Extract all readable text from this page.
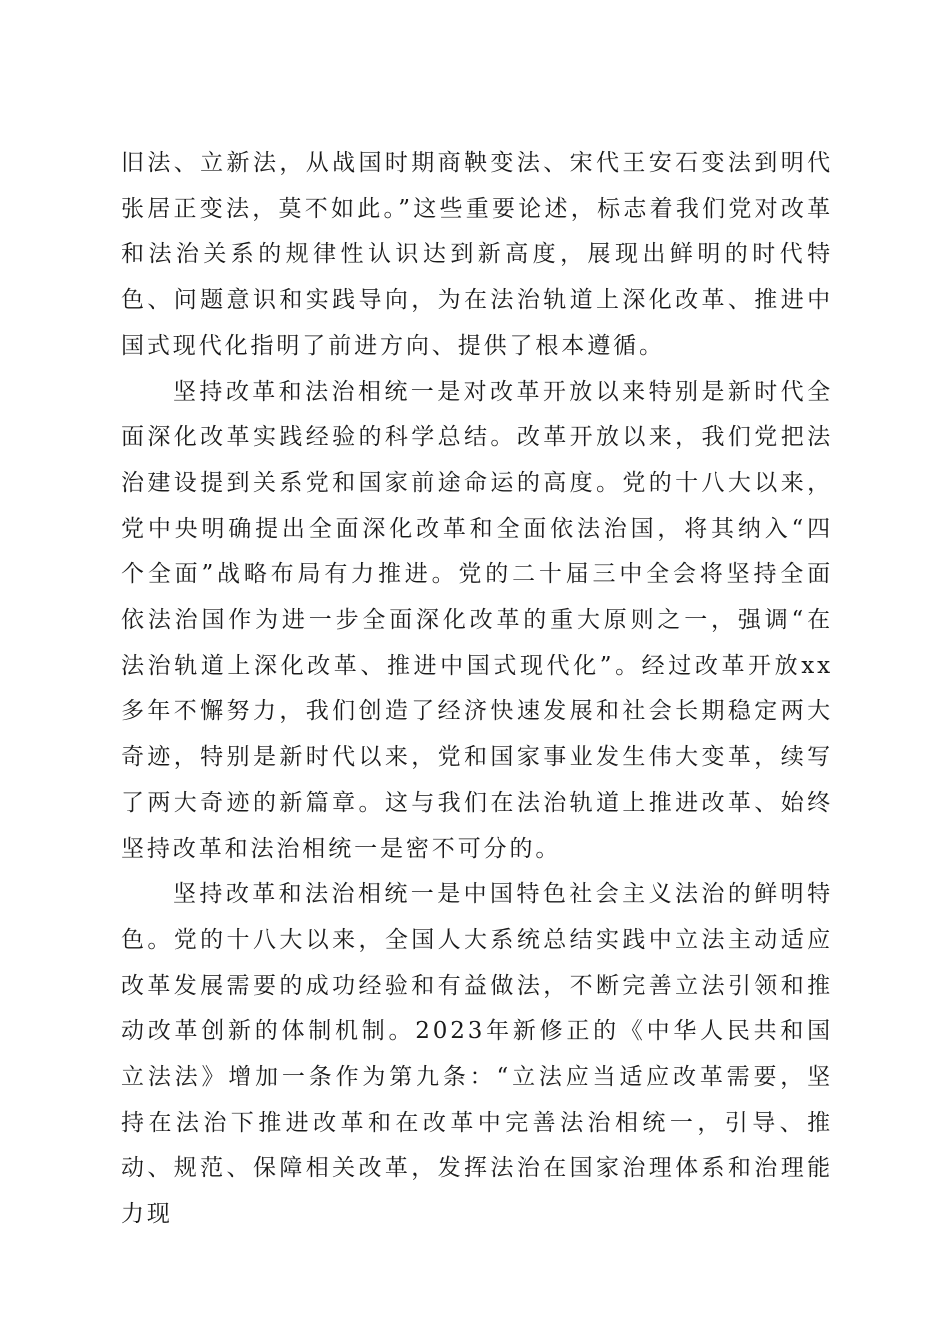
旧法、立新法，从战国时期商鞅变法、宋代王安石变法到明代张居正变法，莫不如此。”这些重要论述，标志着我们党对改革和法治关系的规律性认识达到新高度，展现出鲜明的时代特色、问题意识和实践导向，为在法治轨道上深化改革、推进中国式现代化指明了前进方向、提供了根本遵循。

坚持改革和法治相统一是对改革开放以来特别是新时代全面深化改革实践经验的科学总结。改革开放以来，我们党把法治建设提到关系党和国家前途命运的高度。党的十八大以来，党中央明确提出全面深化改革和全面依法治国，将其纳入“四个全面”战略布局有力推进。党的二十届三中全会将坚持全面依法治国作为进一步全面深化改革的重大原则之一，强调“在法治轨道上深化改革、推进中国式现代化”。经过改革开放xx多年不懈努力，我们创造了经济快速发展和社会长期稳定两大奇迹，特别是新时代以来，党和国家事业发生伟大变革，续写了两大奇迹的新篇章。这与我们在法治轨道上推进改革、始终坚持改革和法治相统一是密不可分的。

坚持改革和法治相统一是中国特色社会主义法治的鲜明特色。党的十八大以来，全国人大系统总结实践中立法主动适应改革发展需要的成功经验和有益做法，不断完善立法引领和推动改革创新的体制机制。2023年新修正的《中华人民共和国立法法》增加一条作为第九条：“立法应当适应改革需要，坚持在法治下推进改革和在改革中完善法治相统一，引导、推动、规范、保障相关改革，发挥法治在国家治理体系和治理能力现
